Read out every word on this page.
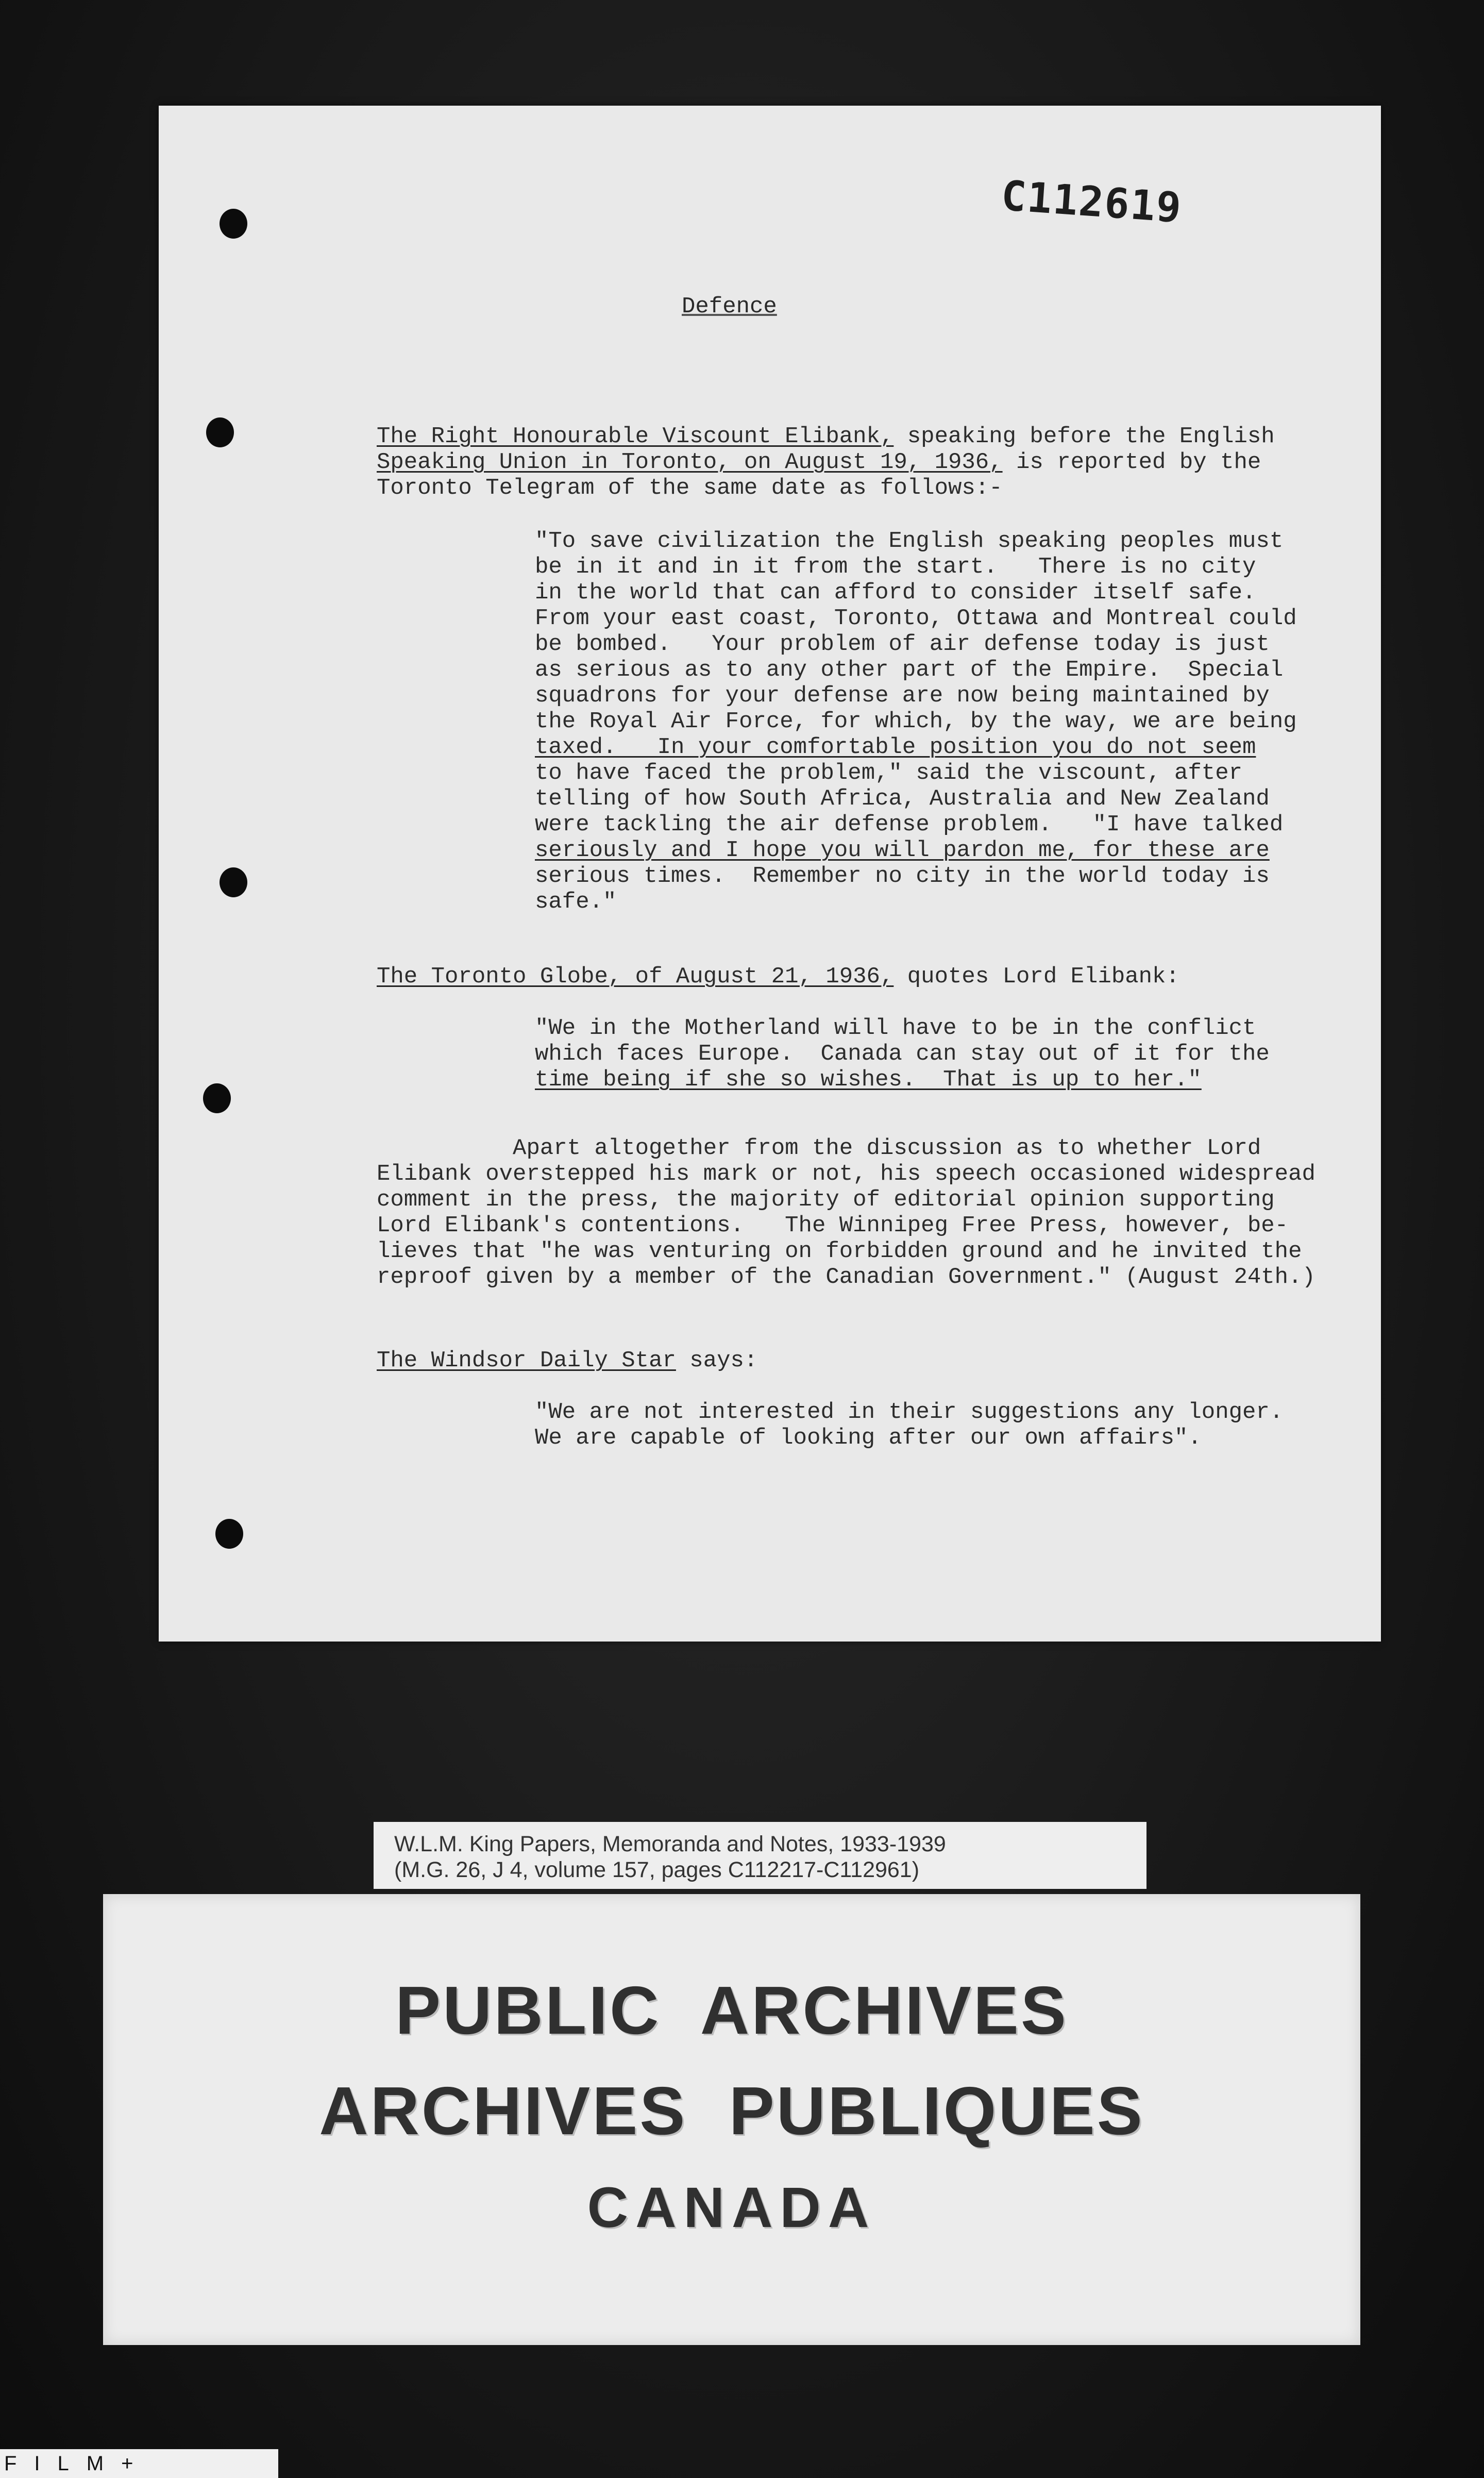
C112619
Defence

The Right Honourable Viscount Elibank, speaking before the English

Speaking Union in Toronto, on August 19, 1936, is reported by the

Toronto Telegram of the same date as follows:-

"To save civilization the English speaking peoples must

be in it and in it from the start.   There is no city

in the world that can afford to consider itself safe.

From your east coast, Toronto, Ottawa and Montreal could

be bombed.   Your problem of air defense today is just

as serious as to any other part of the Empire.  Special

squadrons for your defense are now being maintained by

the Royal Air Force, for which, by the way, we are being

taxed.   In your comfortable position you do not seem

to have faced the problem," said the viscount, after

telling of how South Africa, Australia and New Zealand

were tackling the air defense problem.   "I have talked

seriously and I hope you will pardon me, for these are

serious times.  Remember no city in the world today is

safe."

The Toronto Globe, of August 21, 1936, quotes Lord Elibank:

"We in the Motherland will have to be in the conflict

which faces Europe.  Canada can stay out of it for the

time being if she so wishes.  That is up to her."

Apart altogether from the discussion as to whether Lord

Elibank overstepped his mark or not, his speech occasioned widespread

comment in the press, the majority of editorial opinion supporting

Lord Elibank's contentions.   The Winnipeg Free Press, however, be-

lieves that "he was venturing on forbidden ground and he invited the

reproof given by a member of the Canadian Government." (August 24th.)

The Windsor Daily Star says:

"We are not interested in their suggestions any longer.

We are capable of looking after our own affairs".

W.L.M. King Papers, Memoranda and Notes, 1933-1939
(M.G. 26, J 4, volume 157, pages C112217-C112961)

PUBLIC  ARCHIVES

ARCHIVES  PUBLIQUES

CANADA

FILM+
